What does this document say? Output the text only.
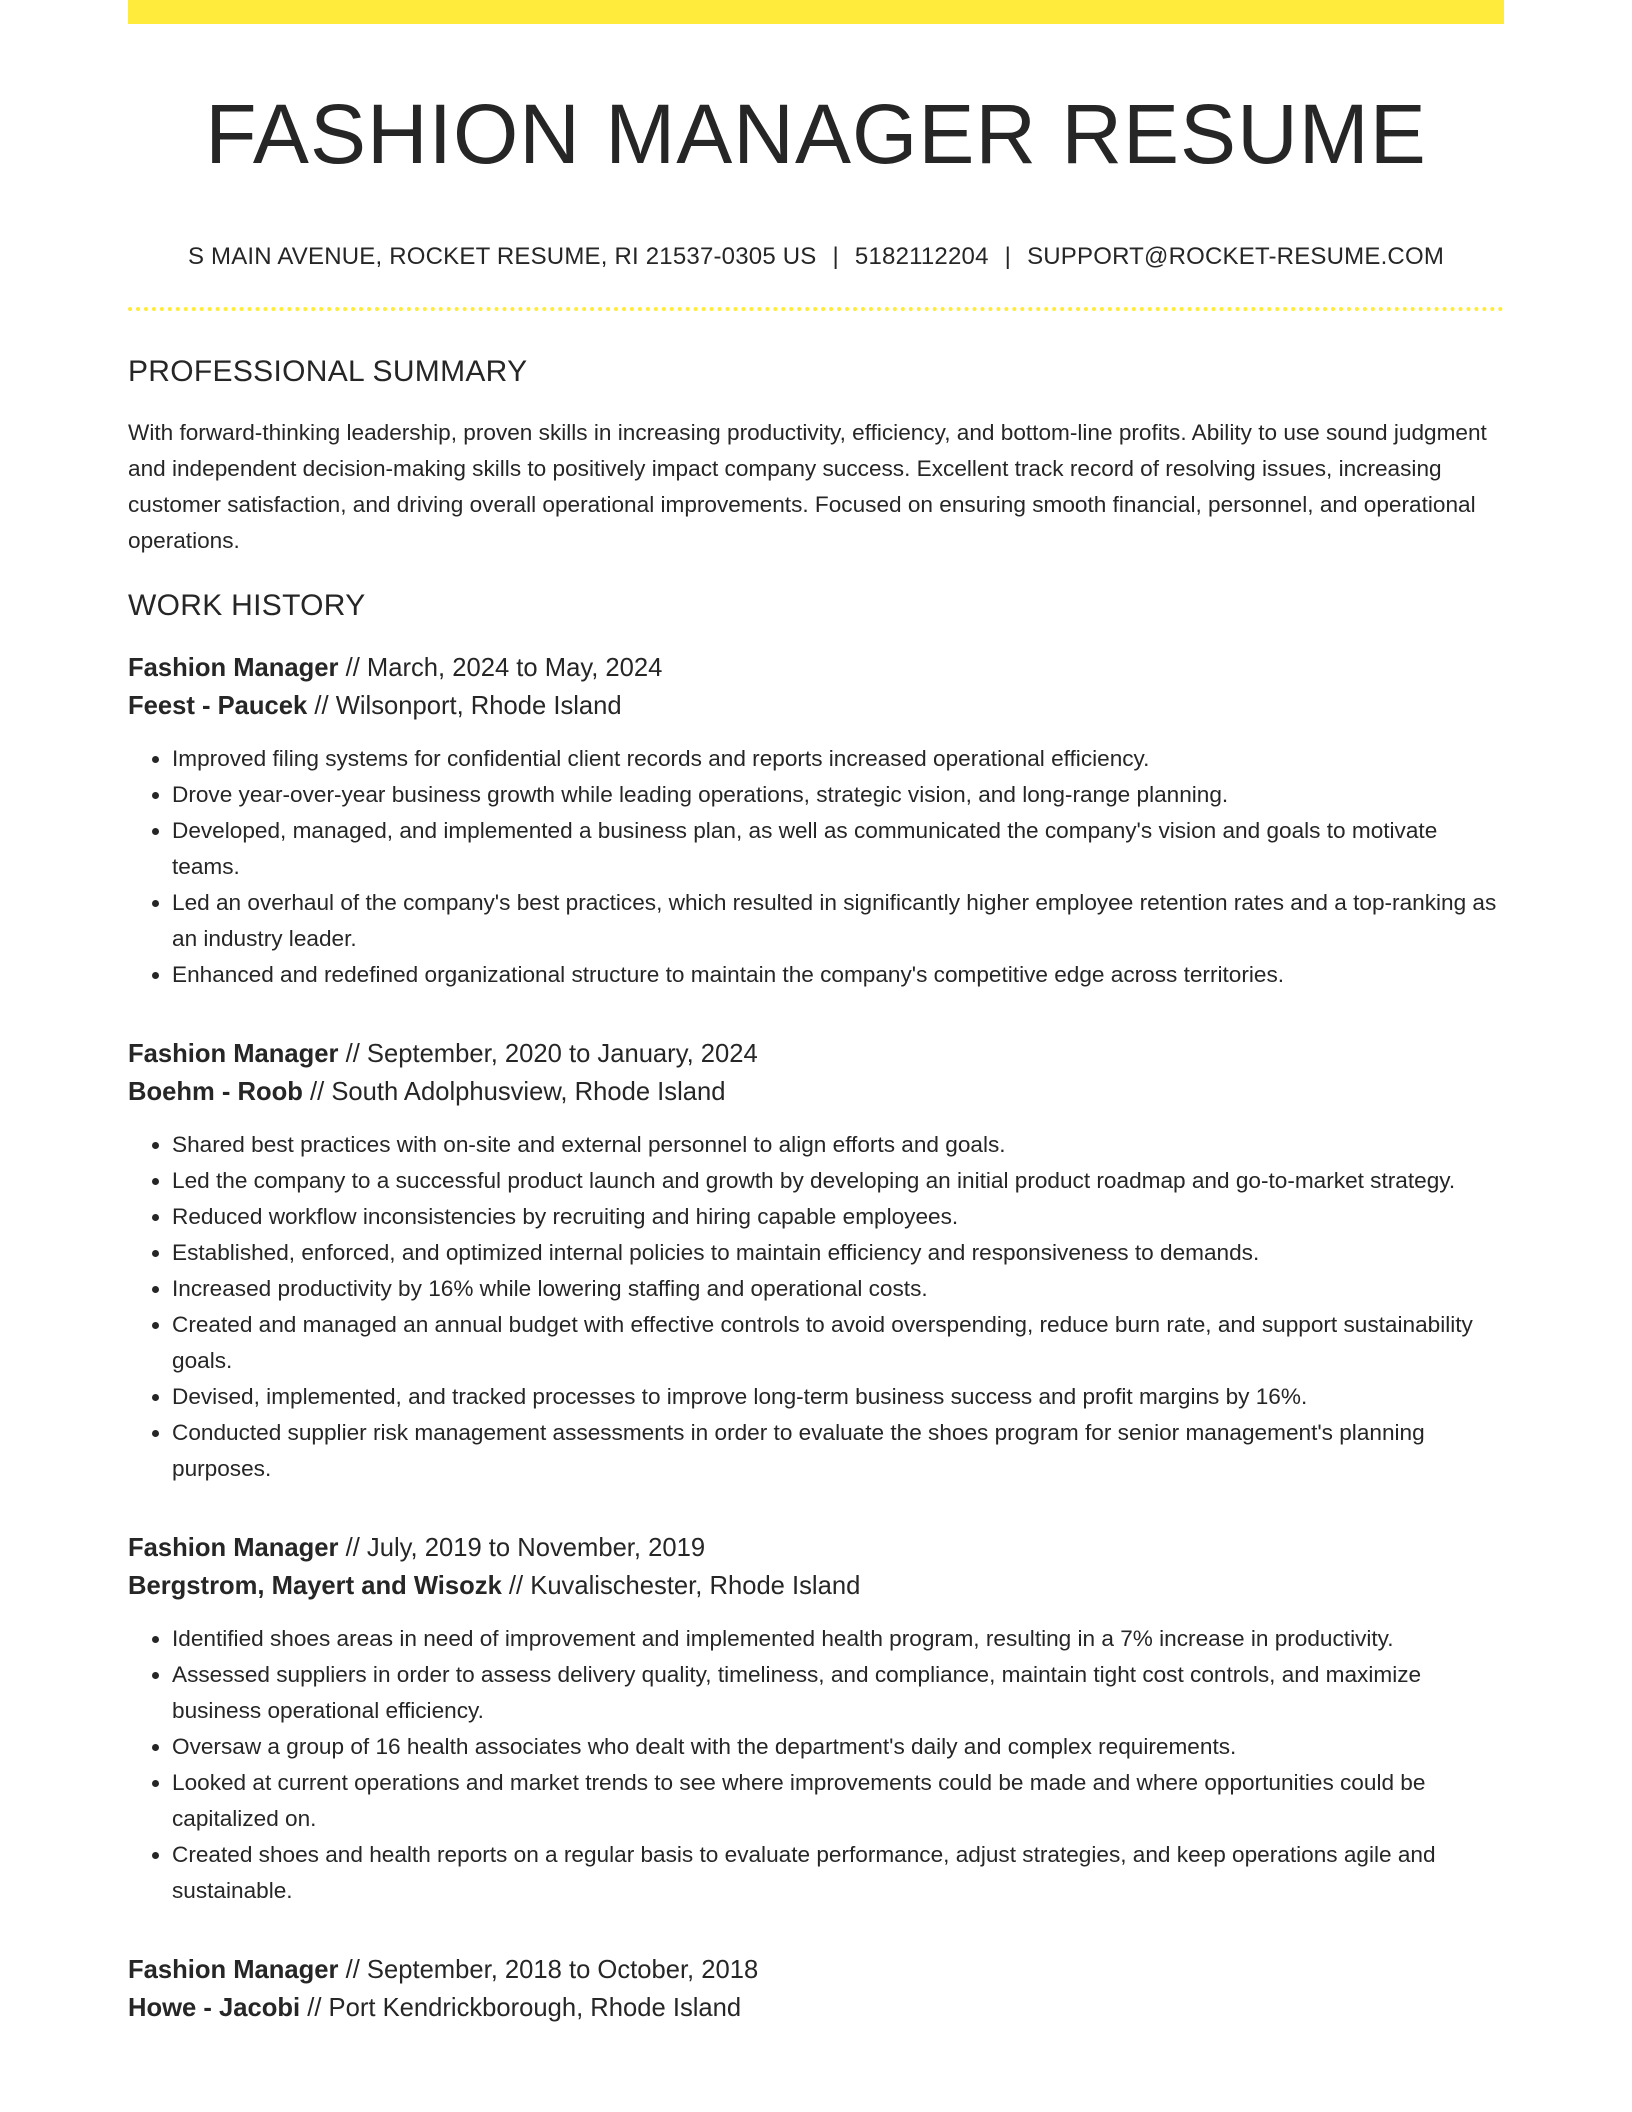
FASHION MANAGER RESUME
S MAIN AVENUE, ROCKET RESUME, RI 21537-0305 US | 5182112204 | SUPPORT@ROCKET-RESUME.COM
PROFESSIONAL SUMMARY

With forward-thinking leadership, proven skills in increasing productivity, efficiency, and bottom-line profits. Ability to use sound judgment and independent decision-making skills to positively impact company success. Excellent track record of resolving issues, increasing customer satisfaction, and driving overall operational improvements. Focused on ensuring smooth financial, personnel, and operational operations.

WORK HISTORY
Fashion Manager // March, 2024 to May, 2024
Feest - Paucek // Wilsonport, Rhode Island
• Improved filing systems for confidential client records and reports increased operational efficiency.
• Drove year-over-year business growth while leading operations, strategic vision, and long-range planning.
• Developed, managed, and implemented a business plan, as well as communicated the company's vision and goals to motivate teams.
• Led an overhaul of the company's best practices, which resulted in significantly higher employee retention rates and a top-ranking as an industry leader.
• Enhanced and redefined organizational structure to maintain the company's competitive edge across territories.
Fashion Manager // September, 2020 to January, 2024
Boehm - Roob // South Adolphusview, Rhode Island
• Shared best practices with on-site and external personnel to align efforts and goals.
• Led the company to a successful product launch and growth by developing an initial product roadmap and go-to-market strategy.
• Reduced workflow inconsistencies by recruiting and hiring capable employees.
• Established, enforced, and optimized internal policies to maintain efficiency and responsiveness to demands.
• Increased productivity by 16% while lowering staffing and operational costs.
• Created and managed an annual budget with effective controls to avoid overspending, reduce burn rate, and support sustainability goals.
• Devised, implemented, and tracked processes to improve long-term business success and profit margins by 16%.
• Conducted supplier risk management assessments in order to evaluate the shoes program for senior management's planning purposes.
Fashion Manager // July, 2019 to November, 2019
Bergstrom, Mayert and Wisozk // Kuvalischester, Rhode Island
• Identified shoes areas in need of improvement and implemented health program, resulting in a 7% increase in productivity.
• Assessed suppliers in order to assess delivery quality, timeliness, and compliance, maintain tight cost controls, and maximize business operational efficiency.
• Oversaw a group of 16 health associates who dealt with the department's daily and complex requirements.
• Looked at current operations and market trends to see where improvements could be made and where opportunities could be capitalized on.
• Created shoes and health reports on a regular basis to evaluate performance, adjust strategies, and keep operations agile and sustainable.
Fashion Manager // September, 2018 to October, 2018
Howe - Jacobi // Port Kendrickborough, Rhode Island
